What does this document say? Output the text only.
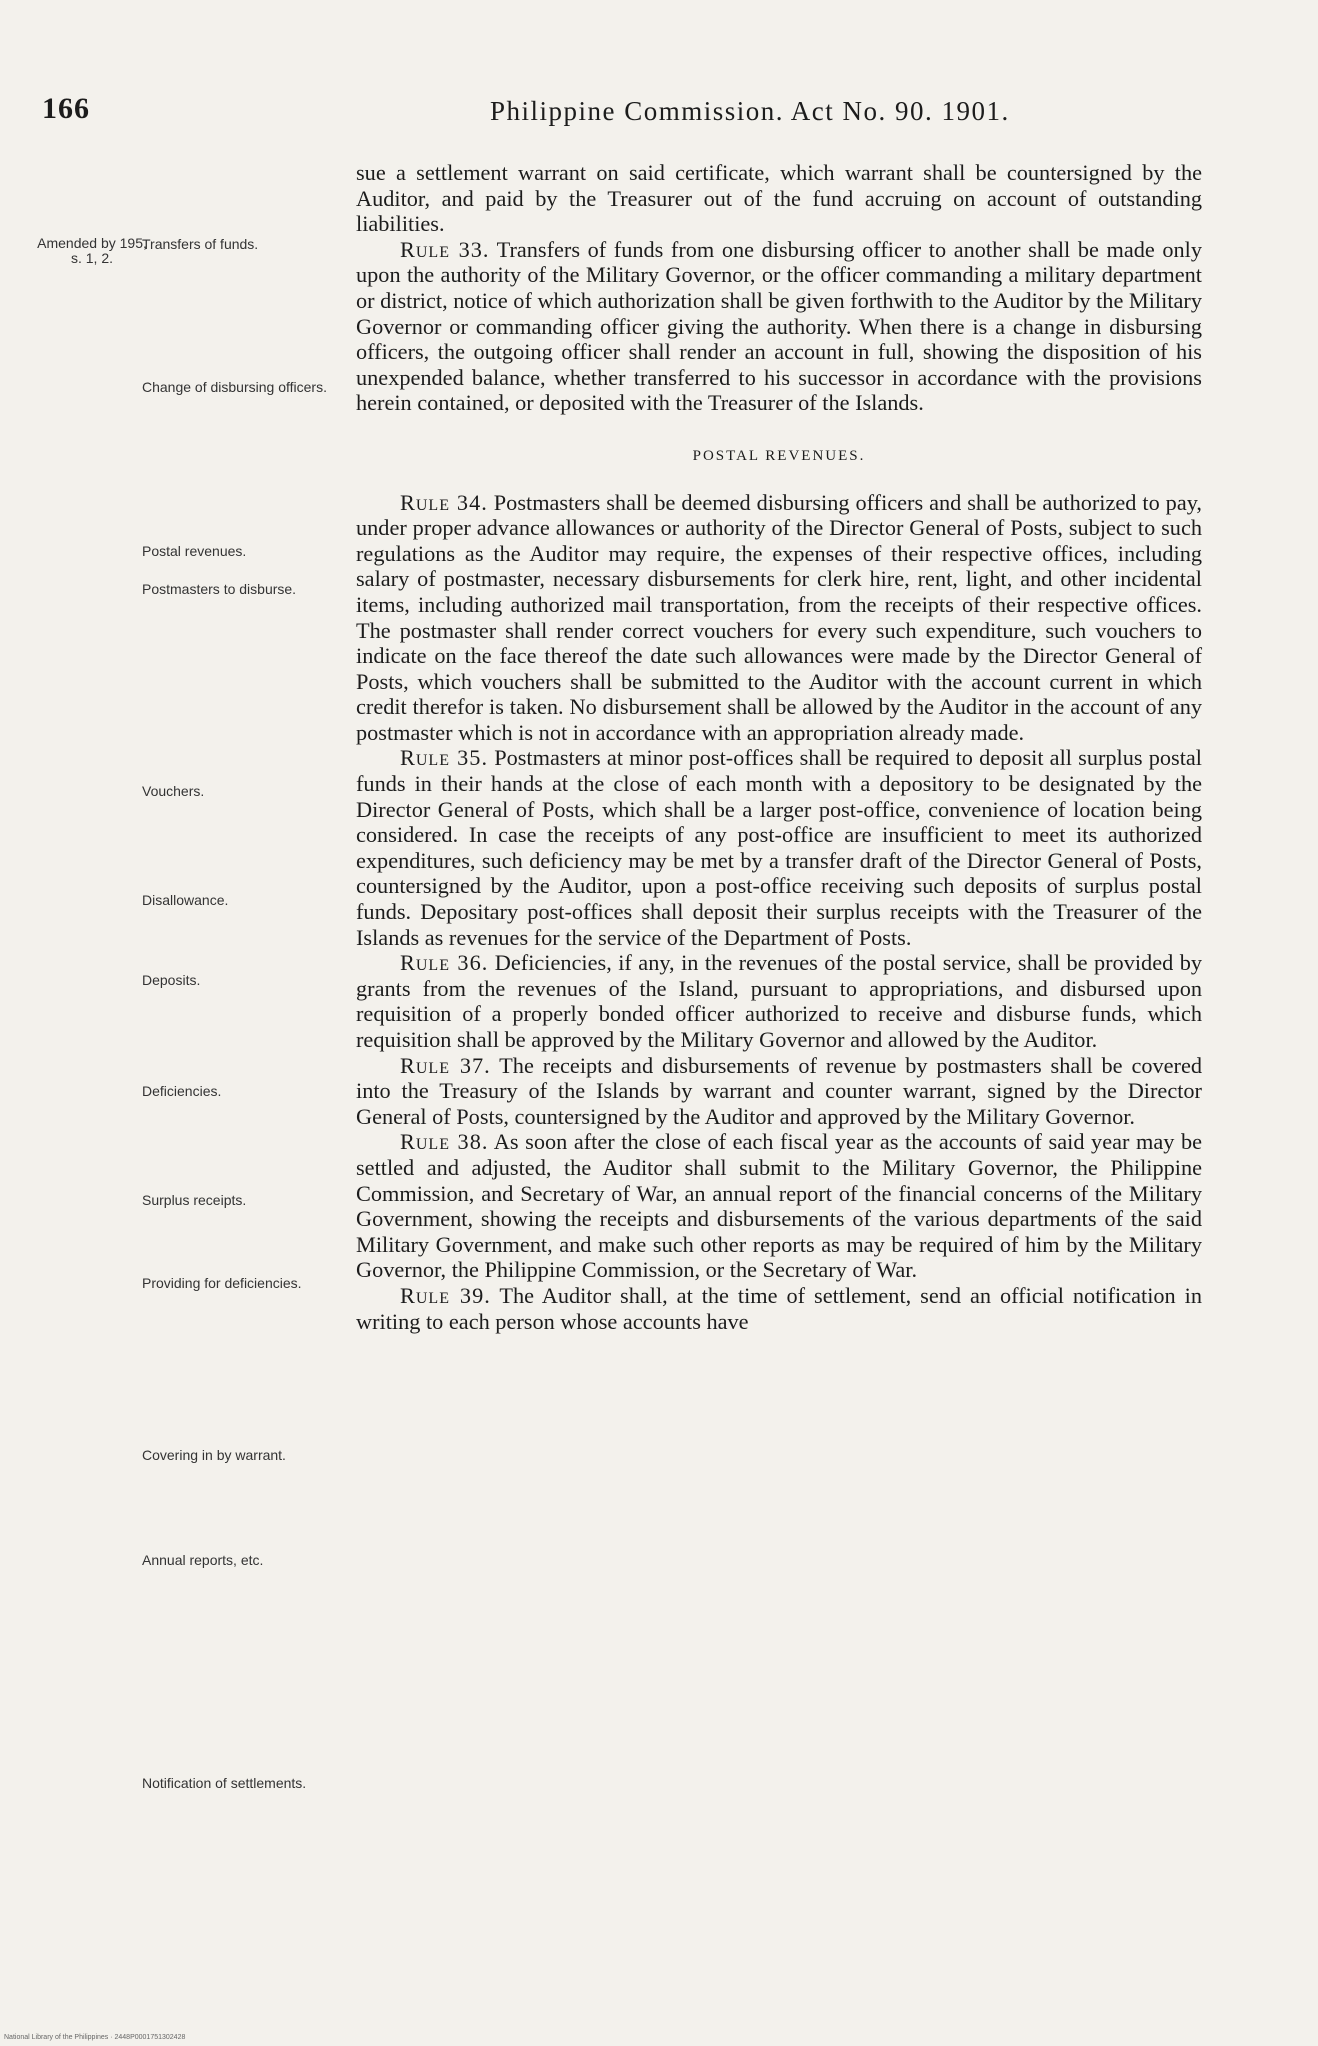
166	Philippine Commission. Act No. 90. 1901.
Amended by 195, s. 1, 2.
Transfers of funds.
Change of disbursing officers.
Postal revenues.
Postmasters to disburse.
Vouchers.
Disallowance.
Deposits.
Deficiencies.
Surplus receipts.
Providing for deficiencies.
Covering in by warrant.
Annual reports, etc.
Notification of settlements.

sue a settlement warrant on said certificate, which warrant shall be countersigned by the Auditor, and paid by the Treasurer out of the fund accruing on account of outstanding liabilities.

Rule 33. Transfers of funds from one disbursing officer to another shall be made only upon the authority of the Military Governor, or the officer commanding a military department or district, notice of which authorization shall be given forthwith to the Auditor by the Military Governor or commanding officer giving the authority. When there is a change in disbursing officers, the outgoing officer shall render an account in full, showing the disposition of his unexpended balance, whether transferred to his successor in accordance with the provisions herein contained, or deposited with the Treasurer of the Islands.

POSTAL REVENUES.

Rule 34. Postmasters shall be deemed disbursing officers and shall be authorized to pay, under proper advance allowances or authority of the Director General of Posts, subject to such regulations as the Auditor may require, the expenses of their respective offices, including salary of postmaster, necessary disbursements for clerk hire, rent, light, and other incidental items, including authorized mail transportation, from the receipts of their respective offices. The postmaster shall render correct vouchers for every such expenditure, such vouchers to indicate on the face thereof the date such allowances were made by the Director General of Posts, which vouchers shall be submitted to the Auditor with the account current in which credit therefor is taken. No disbursement shall be allowed by the Auditor in the account of any postmaster which is not in accordance with an appropriation already made.

Rule 35. Postmasters at minor post-offices shall be required to deposit all surplus postal funds in their hands at the close of each month with a depository to be designated by the Director General of Posts, which shall be a larger post-office, convenience of location being considered. In case the receipts of any post-office are insufficient to meet its authorized expenditures, such deficiency may be met by a transfer draft of the Director General of Posts, countersigned by the Auditor, upon a post-office receiving such deposits of surplus postal funds. Depositary post-offices shall deposit their surplus receipts with the Treasurer of the Islands as revenues for the service of the Department of Posts.

Rule 36. Deficiencies, if any, in the revenues of the postal service, shall be provided by grants from the revenues of the Island, pursuant to appropriations, and disbursed upon requisition of a properly bonded officer authorized to receive and disburse funds, which requisition shall be approved by the Military Governor and allowed by the Auditor.

Rule 37. The receipts and disbursements of revenue by postmasters shall be covered into the Treasury of the Islands by warrant and counter warrant, signed by the Director General of Posts, countersigned by the Auditor and approved by the Military Governor.

Rule 38. As soon after the close of each fiscal year as the accounts of said year may be settled and adjusted, the Auditor shall submit to the Military Governor, the Philippine Commission, and Secretary of War, an annual report of the financial concerns of the Military Government, showing the receipts and disbursements of the various departments of the said Military Government, and make such other reports as may be required of him by the Military Governor, the Philippine Commission, or the Secretary of War.

Rule 39. The Auditor shall, at the time of settlement, send an official notification in writing to each person whose accounts have

National Library of the Philippines · 2448P0001751302428
